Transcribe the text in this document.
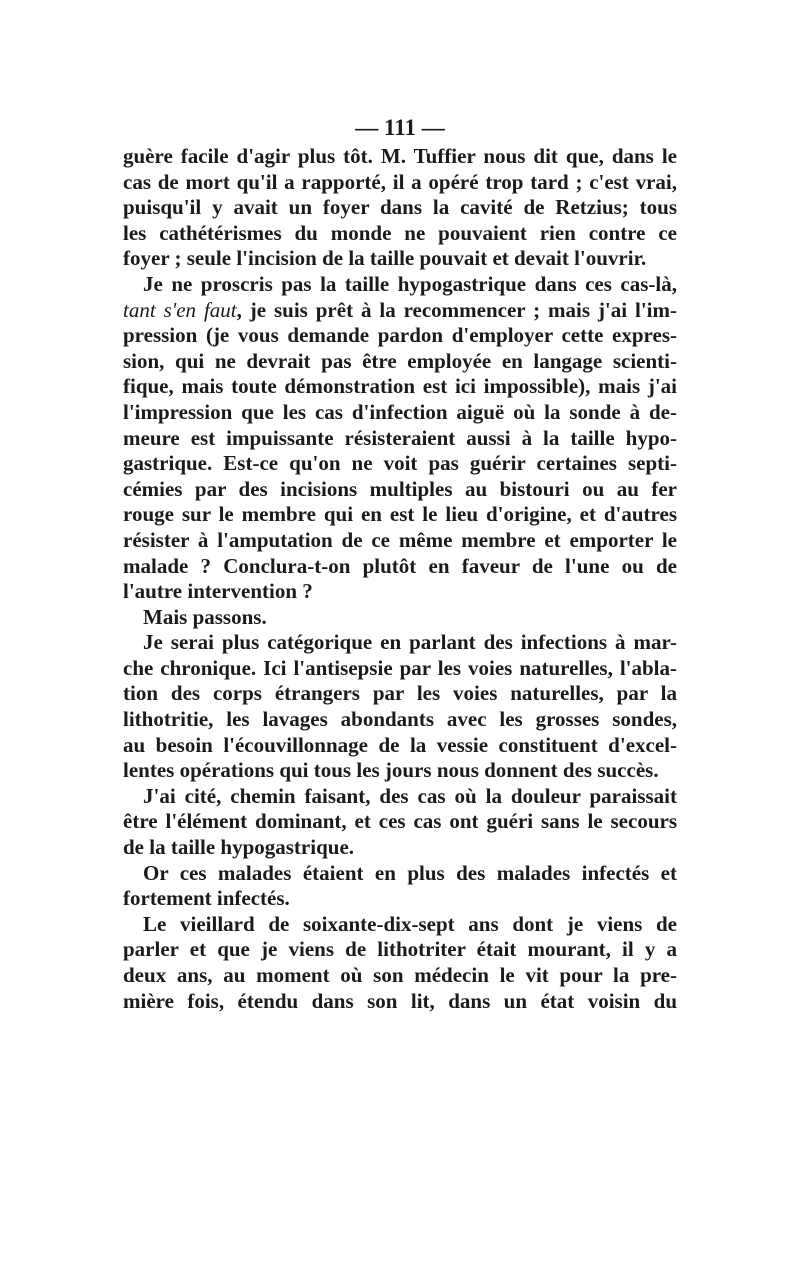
— 111 —
guère facile d'agir plus tôt. M. Tuffier nous dit que, dans le
cas de mort qu'il a rapporté, il a opéré trop tard ; c'est vrai,
puisqu'il y avait un foyer dans la cavité de Retzius; tous
les cathétérismes du monde ne pouvaient rien contre ce
foyer ; seule l'incision de la taille pouvait et devait l'ouvrir.
Je ne proscris pas la taille hypogastrique dans ces cas-là,
tant s'en faut, je suis prêt à la recommencer ; mais j'ai l'im-
pression (je vous demande pardon d'employer cette expres-
sion, qui ne devrait pas être employée en langage scienti-
fique, mais toute démonstration est ici impossible), mais j'ai
l'impression que les cas d'infection aiguë où la sonde à de-
meure est impuissante résisteraient aussi à la taille hypo-
gastrique. Est-ce qu'on ne voit pas guérir certaines septi-
cémies par des incisions multiples au bistouri ou au fer
rouge sur le membre qui en est le lieu d'origine, et d'autres
résister à l'amputation de ce même membre et emporter le
malade ? Conclura-t-on plutôt en faveur de l'une ou de
l'autre intervention ?
Mais passons.
Je serai plus catégorique en parlant des infections à mar-
che chronique. Ici l'antisepsie par les voies naturelles, l'abla-
tion des corps étrangers par les voies naturelles, par la
lithotritie, les lavages abondants avec les grosses sondes,
au besoin l'écouvillonnage de la vessie constituent d'excel-
lentes opérations qui tous les jours nous donnent des succès.
J'ai cité, chemin faisant, des cas où la douleur paraissait
être l'élément dominant, et ces cas ont guéri sans le secours
de la taille hypogastrique.
Or ces malades étaient en plus des malades infectés et
fortement infectés.
Le vieillard de soixante-dix-sept ans dont je viens de
parler et que je viens de lithotriter était mourant, il y a
deux ans, au moment où son médecin le vit pour la pre-
mière fois, étendu dans son lit, dans un état voisin du
